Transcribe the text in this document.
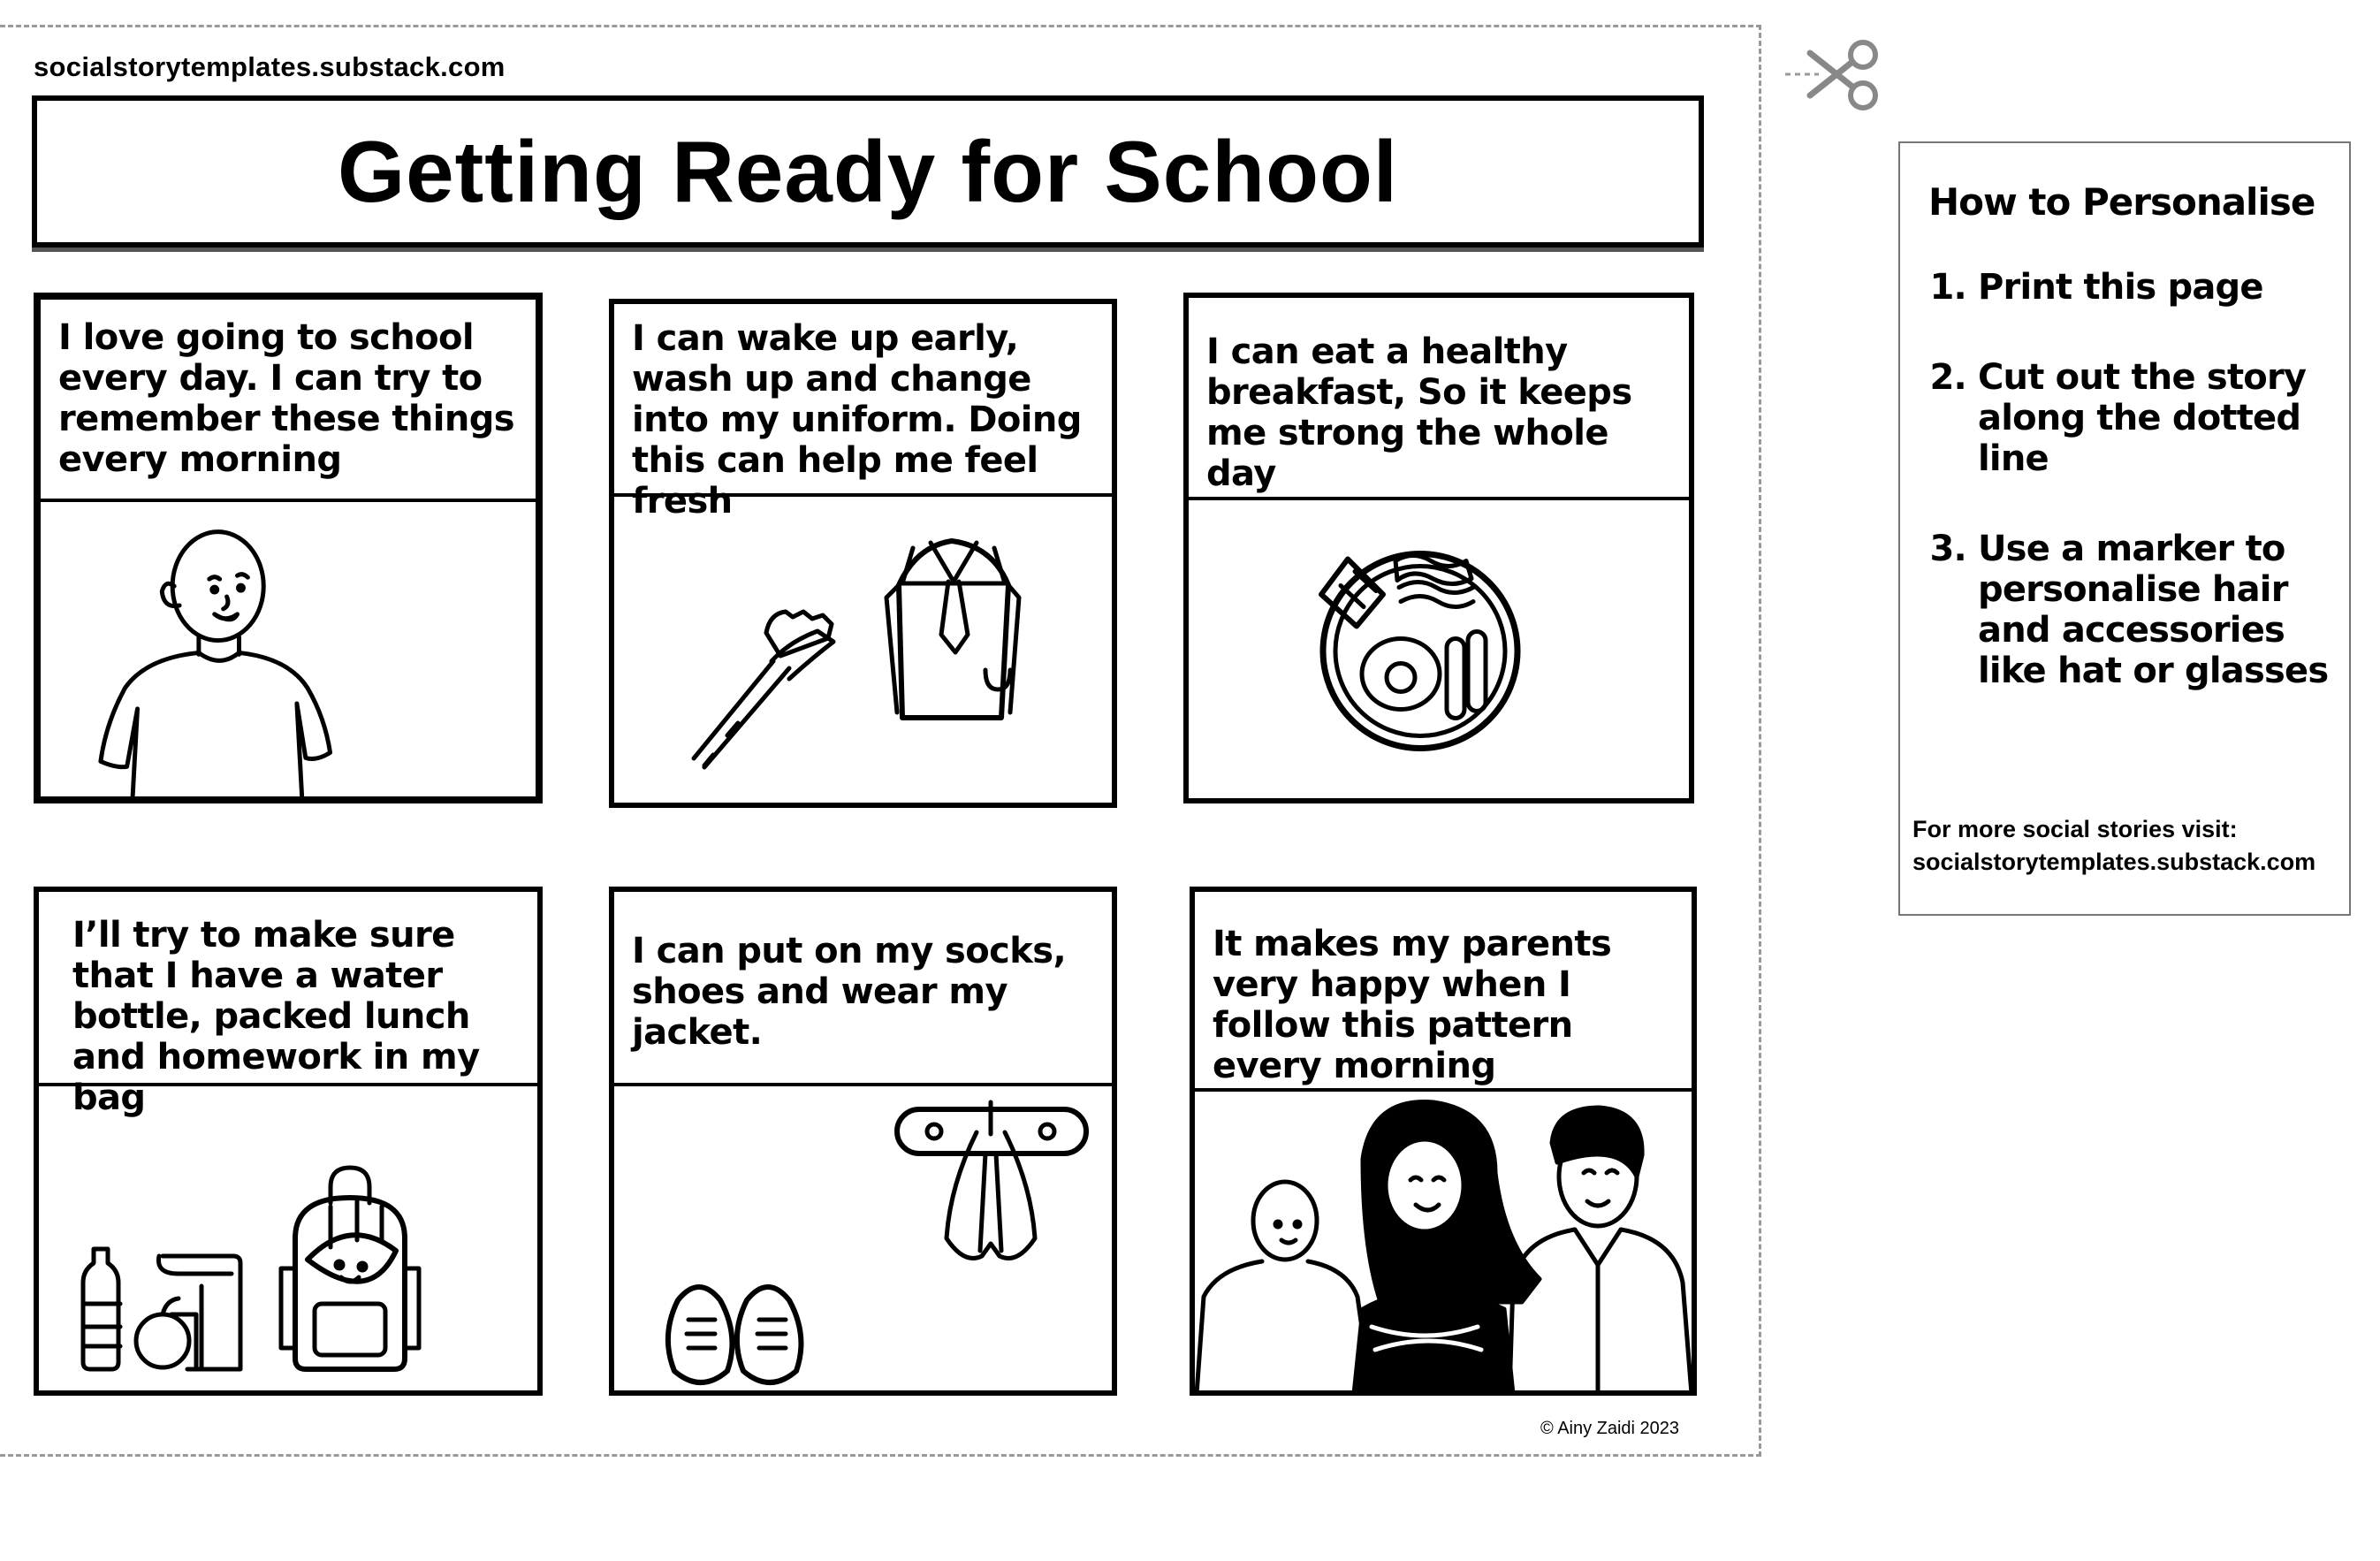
socialstorytemplates.substack.com
Getting Ready for School
I love going to school every day. I can try to remember these things every morning
I can wake up early, wash up and change into my uniform. Doing this can help me feel fresh
I can eat a healthy breakfast, So it keeps me strong the whole day
I’ll try to make sure that I have a water bottle, packed lunch and homework in my bag
I can put on my socks, shoes and wear my jacket.
It makes my parents very happy when I follow this pattern every morning
© Ainy Zaidi 2023
How to Personalise
1. Print this page
2. Cut out the story along the dotted line
3. Use a marker to personalise hair and accessories like hat or glasses
For more social stories visit:
socialstorytemplates.substack.com
